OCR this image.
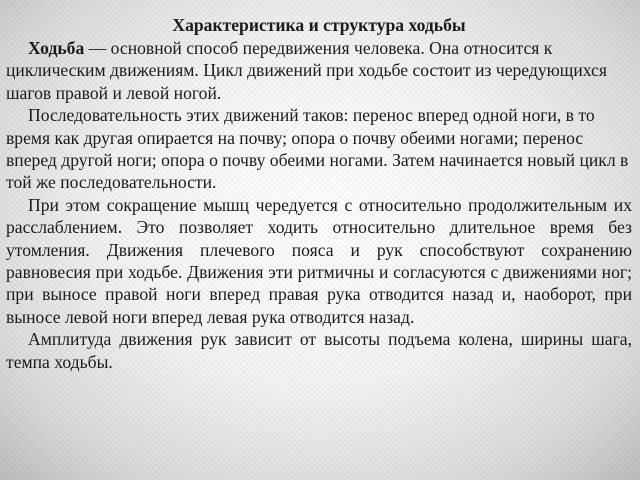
Характеристика и структура ходьбы

Ходьба — основной способ передвижения человека. Она относится к циклическим движениям. Цикл движений при ходьбе состоит из чередующихся шагов правой и левой ногой.

Последовательность этих движений таков: перенос вперед одной ноги, в то время как другая опирается на почву; опора о почву обеими ногами; перенос вперед другой ноги; опора о почву обеими ногами. Затем начинается новый цикл в той же последовательности.

При этом сокращение мышц чередуется с относительно продолжительным их расслаблением. Это позволяет ходить относительно длительное время без утомления. Движения плечевого пояса и рук способствуют сохранению равновесия при ходьбе. Движения эти ритмичны и согласуются с движениями ног; при выносе правой ноги вперед правая рука отводится назад и, наоборот, при выносе левой ноги вперед левая рука отводится назад.

Амплитуда движения рук зависит от высоты подъема колена, ширины шага, темпа ходьбы.
